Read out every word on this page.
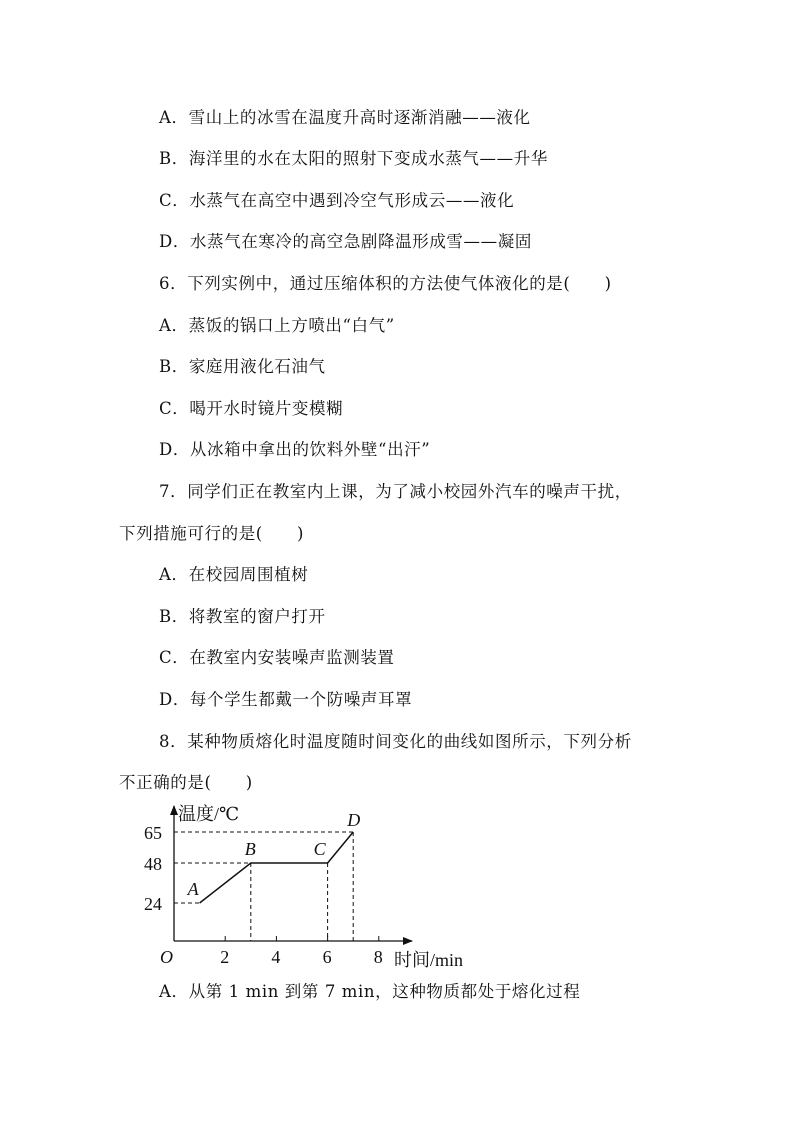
A．雪山上的冰雪在温度升高时逐渐消融——液化
B．海洋里的水在太阳的照射下变成水蒸气——升华
C．水蒸气在高空中遇到冷空气形成云——液化
D．水蒸气在寒冷的高空急剧降温形成雪——凝固
6．下列实例中，通过压缩体积的方法使气体液化的是(　　)
A．蒸饭的锅口上方喷出“白气”
B．家庭用液化石油气
C．喝开水时镜片变模糊
D．从冰箱中拿出的饮料外壁“出汗”
7．同学们正在教室内上课，为了减小校园外汽车的噪声干扰，
下列措施可行的是(　　)
A．在校园周围植树
B．将教室的窗户打开
C．在教室内安装噪声监测装置
D．每个学生都戴一个防噪声耳罩
8．某种物质熔化时温度随时间变化的曲线如图所示，下列分析
不正确的是(　　)
2 4 6 8
24
48
65
A
B	C
D
温度/℃
时间/min
O
A．从第 1 min 到第 7 min，这种物质都处于熔化过程
